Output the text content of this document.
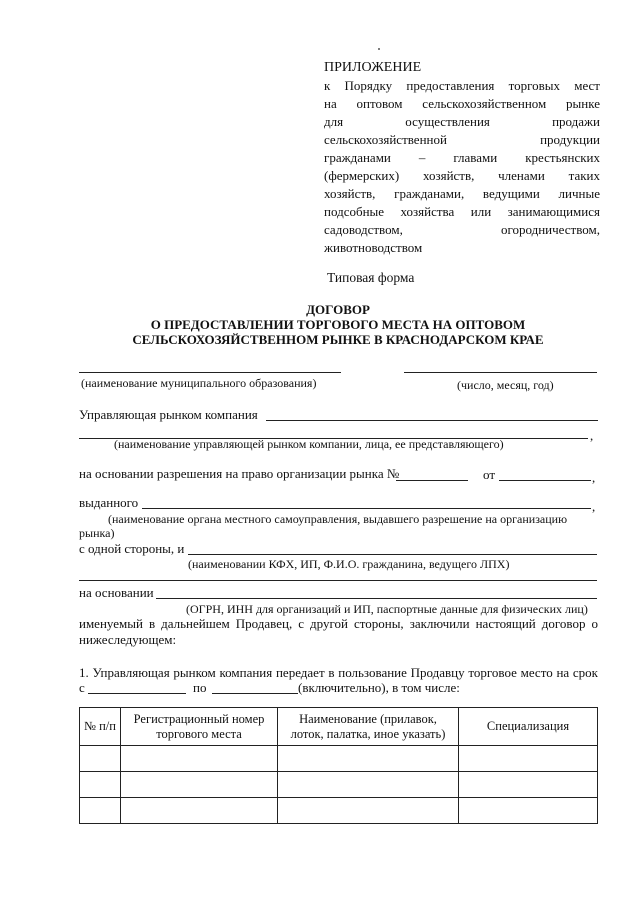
ПРИЛОЖЕНИЕ
к Порядку предоставления торговых мест
на оптовом сельскохозяйственном рынке
для осуществления продажи
сельскохозяйственной продукции
гражданами – главами крестьянских
(фермерских) хозяйств, членами таких
хозяйств, гражданами, ведущими личные
подсобные хозяйства или занимающимися
садоводством, огородничеством,
животноводством
Типовая форма
ДОГОВОР
О ПРЕДОСТАВЛЕНИИ ТОРГОВОГО МЕСТА НА ОПТОВОМ
СЕЛЬСКОХОЗЯЙСТВЕННОМ РЫНКЕ В КРАСНОДАРСКОМ КРАЕ
(наименование муниципального образования)	(число, месяц, год)
Управляющая рынком компания
,
(наименование управляющей рынком компании, лица, ее представляющего)
на основании разрешения на право организации рынка №	от	,
выданного	,
(наименование органа местного самоуправления, выдавшего разрешение на организацию
рынка)
с одной стороны, и
(наименовании КФХ, ИП, Ф.И.О. гражданина, ведущего ЛПХ)
на основании
(ОГРН, ИНН для организаций и ИП, паспортные данные для физических лиц)
именуемый в дальнейшем Продавец, с другой стороны, заключили настоящий договор о
нижеследующем:
1. Управляющая рынком компания передает в пользование Продавцу торговое место на срок
с	по	(включительно), в том числе:
№ п/п	Регистрационный номер торгового места	Наименование (прилавок, лоток, палатка, иное указать)	Специализация
